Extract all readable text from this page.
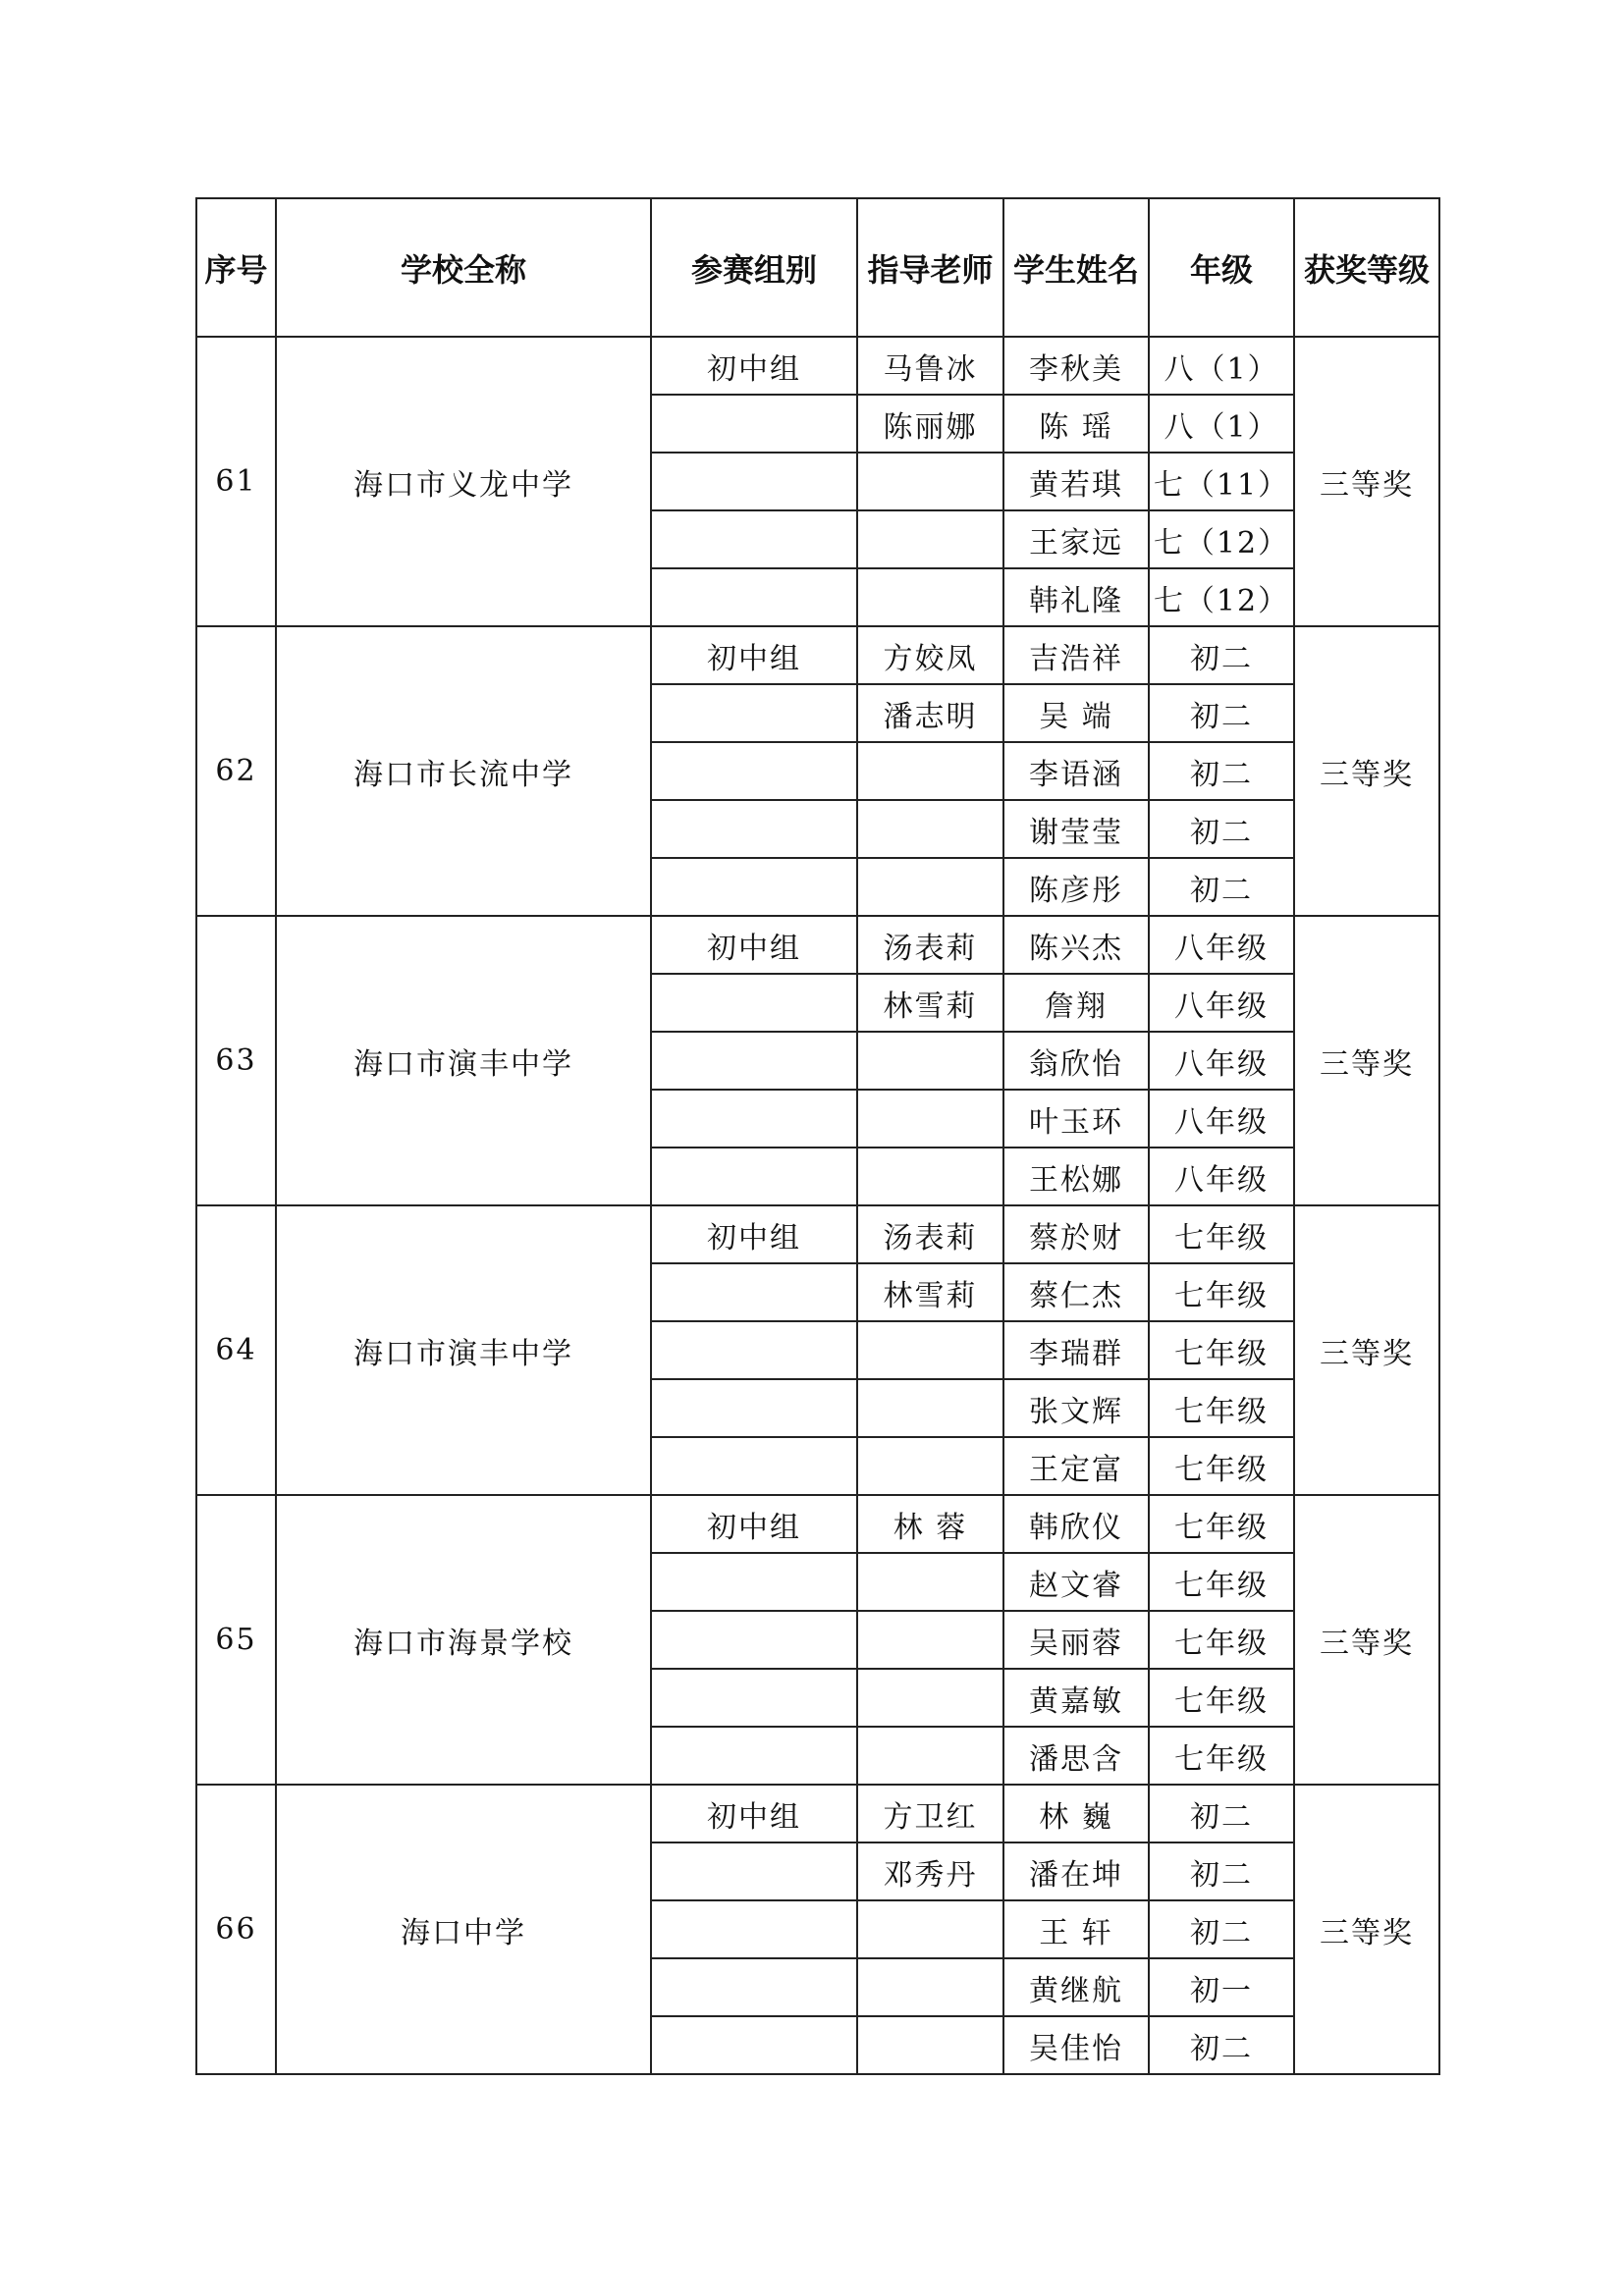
序号	学校全称	参赛组别	指导老师	学生姓名	年级	获奖等级
61	海口市义龙中学	初中组	马鲁冰	李秋美	八（1）	三等奖
			陈丽娜	陈 瑶	八（1）	
				黄若琪	七（11）	
				王家远	七（12）	
				韩礼隆	七（12）	
62	海口市长流中学	初中组	方姣凤	吉浩祥	初二	三等奖
			潘志明	吴 端	初二	
				李语涵	初二	
				谢莹莹	初二	
				陈彦彤	初二	
63	海口市演丰中学	初中组	汤表莉	陈兴杰	八年级	三等奖
			林雪莉	詹翔	八年级	
				翁欣怡	八年级	
				叶玉环	八年级	
				王松娜	八年级	
64	海口市演丰中学	初中组	汤表莉	蔡於财	七年级	三等奖
			林雪莉	蔡仁杰	七年级	
				李瑞群	七年级	
				张文辉	七年级	
				王定富	七年级	
65	海口市海景学校	初中组	林 蓉	韩欣仪	七年级	三等奖
				赵文睿	七年级	
				吴丽蓉	七年级	
				黄嘉敏	七年级	
				潘思含	七年级	
66	海口中学	初中组	方卫红	林 巍	初二	三等奖
			邓秀丹	潘在坤	初二	
				王 轩	初二	
				黄继航	初一	
				吴佳怡	初二	
